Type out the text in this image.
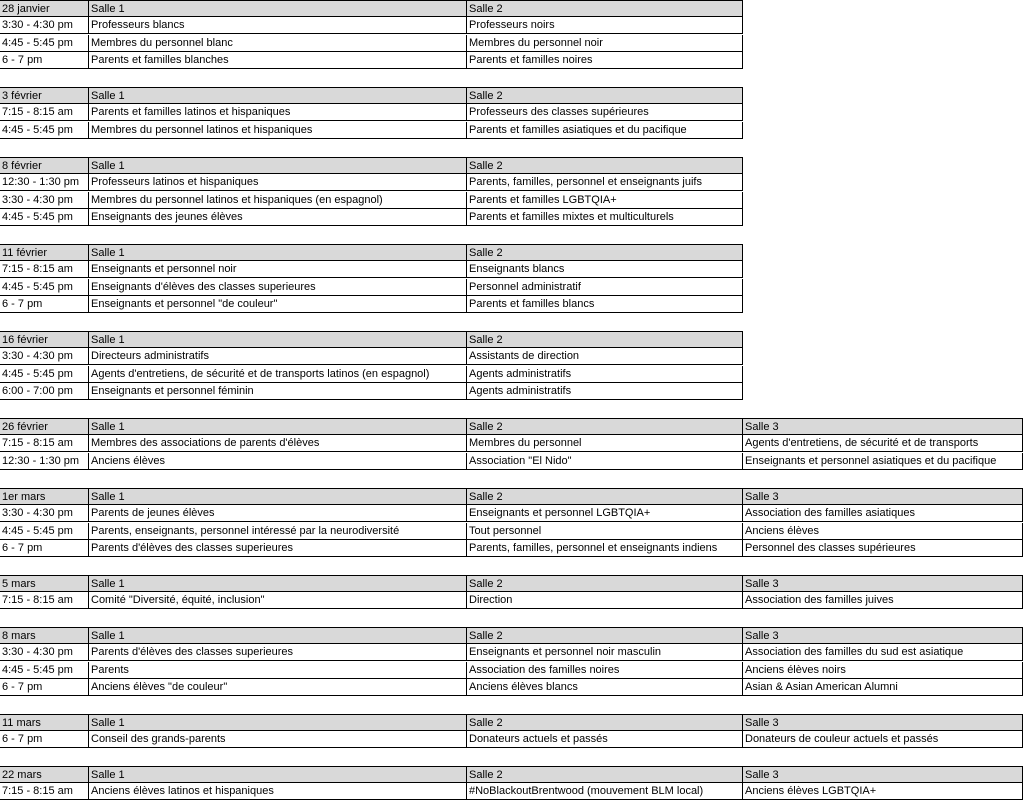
28 janvier	Salle 1	Salle 2
3:30 - 4:30 pm	Professeurs blancs	Professeurs noirs
4:45 - 5:45 pm	Membres du personnel blanc	Membres du personnel noir
6 - 7 pm	Parents et familles blanches	Parents et familles noires
3 février	Salle 1	Salle 2
7:15 - 8:15 am	Parents et familles latinos et hispaniques	Professeurs des classes supérieures
4:45 - 5:45 pm	Membres du personnel latinos et hispaniques	Parents et familles asiatiques et du pacifique
8 février	Salle 1	Salle 2
12:30 - 1:30 pm	Professeurs latinos et hispaniques	Parents, familles, personnel et enseignants juifs
3:30 - 4:30 pm	Membres du personnel latinos et hispaniques (en espagnol)	Parents et familles LGBTQIA+
4:45 - 5:45 pm	Enseignants des jeunes élèves	Parents et familles mixtes et multiculturels
11 février	Salle 1	Salle 2
7:15 - 8:15 am	Enseignants et personnel noir	Enseignants blancs
4:45 - 5:45 pm	Enseignants d'élèves des classes superieures	Personnel administratif
6 - 7 pm	Enseignants et personnel "de couleur"	Parents et familles blancs
16 février	Salle 1	Salle 2
3:30 - 4:30 pm	Directeurs administratifs	Assistants de direction
4:45 - 5:45 pm	Agents d'entretiens, de sécurité et de transports latinos (en espagnol)	Agents administratifs
6:00 - 7:00 pm	Enseignants et personnel féminin	Agents administratifs
26 février	Salle 1	Salle 2	Salle 3
7:15 - 8:15 am	Membres des associations de parents d'élèves	Membres du personnel	Agents d'entretiens, de sécurité et de transports
12:30 - 1:30 pm	Anciens élèves	Association "El Nido"	Enseignants et personnel asiatiques et du pacifique
1er mars	Salle 1	Salle 2	Salle 3
3:30 - 4:30 pm	Parents de jeunes élèves	Enseignants et personnel LGBTQIA+	Association des familles asiatiques
4:45 - 5:45 pm	Parents, enseignants, personnel intéressé par la neurodiversité	Tout personnel	Anciens élèves
6 - 7 pm	Parents d'élèves des classes superieures	Parents, familles, personnel et enseignants indiens	Personnel des classes supérieures
5 mars	Salle 1	Salle 2	Salle 3
7:15 - 8:15 am	Comité "Diversité, équité, inclusion"	Direction	Association des familles juives
8 mars	Salle 1	Salle 2	Salle 3
3:30 - 4:30 pm	Parents d'élèves des classes superieures	Enseignants et personnel noir masculin	Association des familles du sud est asiatique
4:45 - 5:45 pm	Parents	Association des familles noires	Anciens élèves noirs
6 - 7 pm	Anciens élèves "de couleur"	Anciens élèves blancs	Asian & Asian American Alumni
11 mars	Salle 1	Salle 2	Salle 3
6 - 7 pm	Conseil des grands-parents	Donateurs actuels et passés	Donateurs de couleur actuels et passés
22 mars	Salle 1	Salle 2	Salle 3
7:15 - 8:15 am	Anciens élèves latinos et hispaniques	#NoBlackoutBrentwood (mouvement BLM local)	Anciens élèves LGBTQIA+
